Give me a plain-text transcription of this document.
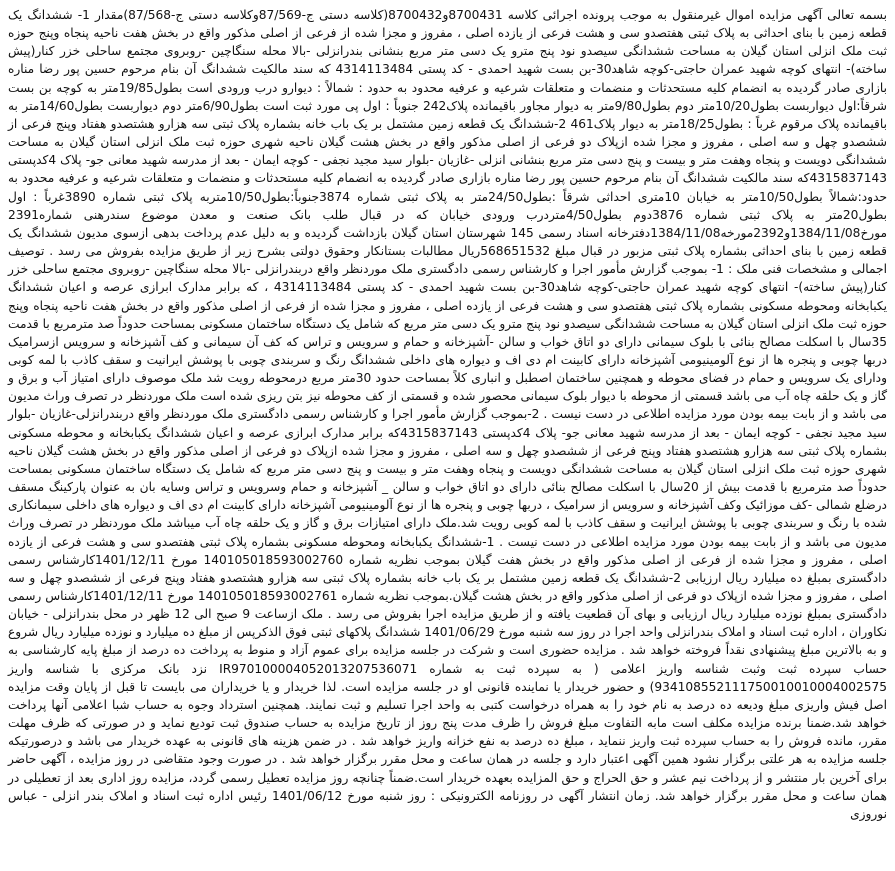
بسمه تعالی آگهی مزایده اموال غیرمنقول به موجب پرونده اجرائی کلاسه 8700431و8700432(کلاسه دستی ج-87/569وکلاسه دستی ج-87/568)مقدار 1- ششدانگ یک قطعه زمین با بناى احداثی به پلاک ثبتی هفتصدو سی و هشت فرعی از یازده اصلی ، مفروز و مجزا شده از فرعی از اصلی مذکور واقع در بخش هفت ناحیه پنجاه وپنج حوزه ثبت ملک انزلی استان گیلان به مساحت ششدانگی سیصدو نود پنج مترو یک دسی متر مربع بنشانی بندرانزلی -بالا محله سنگاچین -روبروی مجتمع ساحلی خزر کنار(پیش ساخته)- انتهای کوچه شهید عمران حاجتی-کوچه شاهد30-بن بست شهید احمدی - کد پستی 4314113484 که سند مالکیت ششدانگ آن بنام مرحوم حسین پور رضا مناره بازاری صادر گردیده به انضمام کلیه مستحدثات و منضمات و متعلقات شرعیه و عرفیه محدود به حدود : شمالاً : دیوارو درب ورودی است بطول19/85متر به کوچه بن بست شرقاً:اول دیواربست بطول10/20متر دوم بطول9/80متر به دیوار مجاور باقیمانده پلاک242 جنوباً : اول پی مورد ثبت است بطول6/90متر دوم دیواربست بطول14/60متر به باقیمانده پلاک مرقوم غرباً : بطول18/25متر به دیوار پلاک461 2-ششدانگ یک قطعه زمین مشتمل بر یک باب خانه بشماره پلاک ثبتی سه هزارو هشتصدو هفتاد وپنج فرعی از ششصدو چهل و سه اصلی ، مفروز و مجزا شده ازپلاک دو فرعی از اصلی مذکور واقع در بخش هشت گیلان ناحیه شهری حوزه ثبت ملک انزلی استان گیلان به مساحت ششدانگی دویست و پنجاه وهفت متر و بیست و پنج دسی متر مربع بنشانی انزلی -غازیان -بلوار سید مجید نجفی - کوچه ایمان - بعد از مدرسه شهید معانی جو- پلاک 4کدپستی 4315837143که سند مالکیت ششدانگ آن بنام مرحوم حسین پور رضا مناره بازاری صادر گردیده به انضمام کلیه مستحدثات و منضمات و متعلقات شرعیه و عرفیه محدود به حدود:شمالاً بطول10/50متر به خیابان 10متری احداثی شرقاً :بطول24/50متر به پلاک ثبتی شماره 3874جنوباً:بطول10/50متربه پلاک ثبتی شماره 3890غرباً : اول بطول20متر به پلاک ثبتی شماره 3876دوم بطول4/50متردرب ورودی خیابان که در قبال طلب بانک صنعت و معدن موضوع سندرهنی شماره2391 مورخ1384/11/08و2392مورخه1384/11/08دفترخانه اسناد رسمی 145 شهرستان استان گیلان بازداشت گردیده و به دلیل عدم پرداخت بدهی ازسوی مدیون ششدانگ یک قطعه زمین با بناى احداثی بشماره پلاک ثبتی مزبور در قبال مبلغ 568651532ریال مطالبات بستانکار وحقوق دولتی بشرح زیر از طریق مزایده بفروش می رسد . توصیف اجمالی و مشخصات فنی ملک : 1- بموجب گزارش مأمور اجرا و کارشناس رسمی دادگستری ملک موردنظر واقع دربندرانزلی -بالا محله سنگاچین -روبروی مجتمع ساحلی خزر کنار(پیش ساخته)- انتهای کوچه شهید عمران حاجتی-کوچه شاهد30-بن بست شهید احمدی - کد پستی 4314113484 ، که برابر مدارک ابرازی عرصه و اعیان ششدانگ یکبابخانه ومحوطه مسکونی بشماره پلاک ثبتی هفتصدو سی و هشت فرعی از یازده اصلی ، مفروز و مجزا شده از فرعی از اصلی مذکور واقع در بخش هفت ناحیه پنجاه وپنج حوزه ثبت ملک انزلی استان گیلان به مساحت ششدانگی سیصدو نود پنج مترو یک دسی متر مربع که شامل یک دستگاه ساختمان مسکونی بمساحت حدوداً صد مترمربع با قدمت 35سال با اسکلت مصالح بنائی با بلوک سیمانی دارای دو اتاق خواب و سالن -آشپزخانه و حمام و سرویس و تراس که کف آن سیمانی و کف آشپزخانه و سرویس ازسرامیک دربها چوبی و پنجره ها از نوع آلومینیومی آشپزخانه دارای کابینت ام دی اف و دیواره های داخلی ششدانگ رنگ و سربندی چوبی با پوشش ایرانیت و سقف کاذب با لمه کوبی ودارای یک سرویس و حمام در فضای محوطه و همچنین ساختمان اصطبل و انباری کلاً بمساحت حدود 30متر مربع درمحوطه رویت شد ملک موصوف دارای امتیاز آب و برق و گاز و یک حلقه چاه آب می باشد قسمتی از محوطه با دیوار بلوک سیمانی محصور شده و قسمتی از کف محوطه نیز بتن ریزی شده است ملک موردنظر در تصرف وراث مدیون می باشد و از بابت بیمه بودن مورد مزایده اطلاعی در دست نیست . 2-بموجب گزارش مأمور اجرا و کارشناس رسمی دادگستری ملک موردنظر واقع دربندرانزلی-غازیان -بلوار سید مجید نجفی - کوچه ایمان - بعد از مدرسه شهید معانی جو- پلاک 4کدپستی 4315837143که برابر مدارک ابرازی عرصه و اعیان ششدانگ یکبابخانه و محوطه مسکونی بشماره پلاک ثبتی سه هزارو هشتصدو هفتاد وپنج فرعی از ششصدو چهل و سه اصلی ، مفروز و مجزا شده ازپلاک دو فرعی از اصلی مذکور واقع در بخش هشت گیلان ناحیه شهری حوزه ثبت ملک انزلی استان گیلان به مساحت ششدانگی دویست و پنجاه وهفت متر و بیست و پنج دسی متر مربع که شامل یک دستگاه ساختمان مسکونی بمساحت حدوداً صد مترمربع با قدمت بیش از 20سال با اسکلت مصالح بنائی دارای دو اتاق خواب و سالن _ آشپزخانه و حمام وسرویس و تراس وسایه بان به عنوان پارکینگ مسقف درضلع شمالی -کف موزائیک وکف آشپزخانه و سرویس از سرامیک ، دربها چوبی و پنجره ها از نوع آلومینیومی آشپزخانه دارای کابینت ام دی اف و دیواره های داخلی سیمانکاری شده با رنگ و سربندی چوبی با پوشش ایرانیت و سقف کاذب با لمه کوبی رویت شد.ملک دارای امتیازات برق و گاز و یک حلقه چاه آب میباشد ملک موردنظر در تصرف وراث مدیون می باشد و از بابت بیمه بودن مورد مزایده اطلاعی در دست نیست . 1-ششدانگ یکبابخانه ومحوطه مسکونی بشماره پلاک ثبتی هفتصدو سی و هشت فرعی از یازده اصلی ، مفروز و مجزا شده از فرعی از اصلی مذکور واقع در بخش هفت گیلان بموجب نظریه شماره 140105018593002760 مورخ 1401/12/11کارشناس رسمی دادگستری بمبلغ ده میلیارد ریال ارزیابی 2-ششدانگ یک قطعه زمین مشتمل بر یک باب خانه بشماره پلاک ثبتی سه هزارو هشتصدو هفتاد وپنج فرعی از ششصدو چهل و سه اصلی ، مفروز و مجزا شده ازپلاک دو فرعی از اصلی مذکور واقع در بخش هشت گیلان.بموجب نظریه شماره 140105018593002761 مورخ 1401/12/11کارشناس رسمی دادگستری بمبلغ نوزده میلیارد ریال ارزیابی و بهای آن قطعیت یافته و از طریق مزایده اجرا بفروش می رسد . ملک ازساعت 9 صبح الی 12 ظهر در محل بندرانزلی - خیابان نکاوران ، اداره ثبت اسناد و املاک بندرانزلی واحد اجرا در روز سه شنبه مورخ 1401/06/29 ششدانگ پلاکهای ثبتی فوق الذکرپس از مبلغ ده میلیارد و نوزده میلیارد ریال شروع و به بالاترین مبلغ پیشنهادی نقداً فروخته خواهد شد . مزایده حضوری است و شرکت در جلسه مزایده برای عموم آزاد و منوط به پرداخت ده درصد از مبلغ پایه کارشناسی به حساب سپرده ثبت وثبت شناسه واریز اعلامی ( به سپرده ثبت به شماره IR970100004052013207536071 نزد بانک مرکزی با شناسه واریز 934108552111750010010004002575) و حضور خریدار یا نماینده قانونی او در جلسه مزایده است. لذا خریدار و یا خریداران می بایست تا قبل از پایان وقت مزایده اصل فیش واریزی مبلغ ودیعه ده درصد به نام خود را به همراه درخواست کتبی به واحد اجرا تسلیم و ثبت نمایند. همچنین استرداد وجوه به حساب شبا اعلامی آنها پرداخت خواهد شد.ضمنا برنده مزایده مکلف است مابه التفاوت مبلغ فروش را ظرف مدت پنج روز از تاریخ مزایده به حساب صندوق ثبت تودیع نماید و در صورتی که ظرف مهلت مقرر، مانده فروش را به حساب سپرده ثبت واریز ننماید ، مبلغ ده درصد به نفع خزانه واریز خواهد شد . در ضمن هزینه های قانونی به عهده خریدار می باشد و درصورتیکه جلسه مزایده به هر علتی برگزار نشود همین آگهی اعتبار دارد و جلسه در همان ساعت و محل مقرر برگزار خواهد شد . در صورت وجود متقاضی در روز مزایده ، آگهی حاضر برای آخرین بار منتشر و از پرداخت نیم عشر و حق الحراج و حق المزایده بعهده خریدار است.ضمناً چنانچه روز مزایده تعطیل رسمی گردد، مزایده روز اداری بعد از تعطیلی در همان ساعت و محل مقرر برگزار خواهد شد. زمان انتشار آگهی در روزنامه الکترونیکی : روز شنبه مورخ 1401/06/12 رئیس اداره ثبت اسناد و املاک بندر انزلی - عباس نوروزی
